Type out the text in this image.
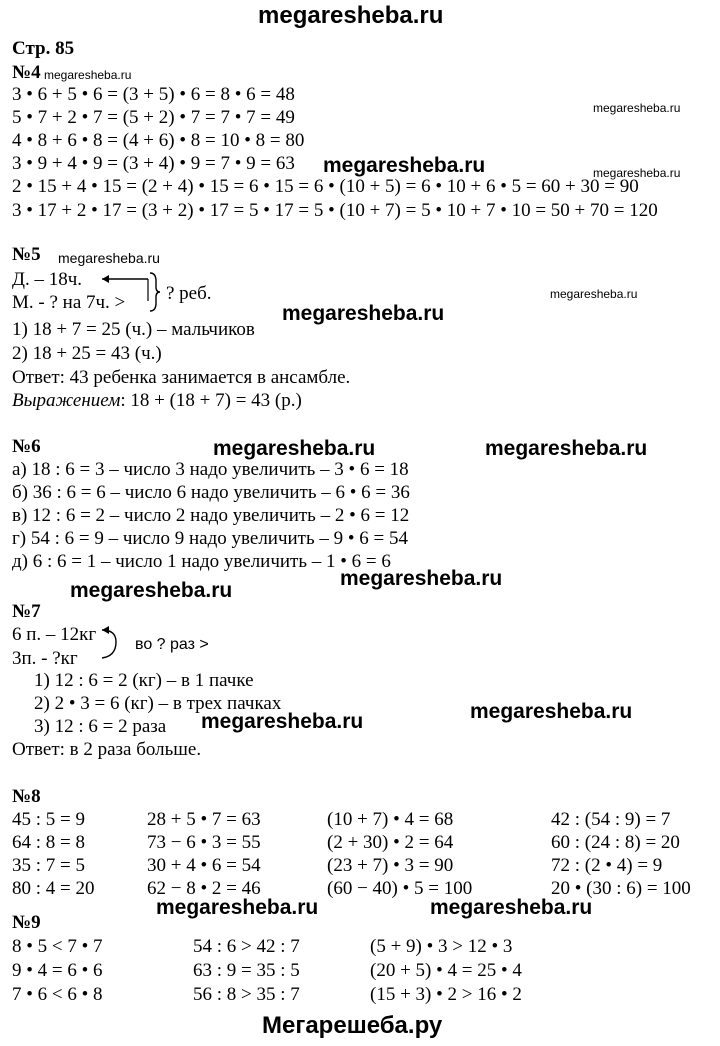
megaresheba.ru
Стр. 85
№4 megaresheba.ru
3 • 6 + 5 • 6 = (3 + 5) • 6 = 8 • 6 = 48
5 • 7 + 2 • 7 = (5 + 2) • 7 = 7 • 7 = 49
4 • 8 + 6 • 8 = (4 + 6) • 8 = 10 • 8 = 80
3 • 9 + 4 • 9 = (3 + 4) • 9 = 7 • 9 = 63
2 • 15 + 4 • 15 = (2 + 4) • 15 = 6 • 15 = 6 • (10 + 5) = 6 • 10 + 6 • 5 = 60 + 30 = 90
3 • 17 + 2 • 17 = (3 + 2) • 17 = 5 • 17 = 5 • (10 + 7) = 5 • 10 + 7 • 10 = 50 + 70 = 120
megaresheba.ru
megaresheba.ru	megaresheba.ru
№5 megaresheba.ru
Д. – 18ч.
М. - ? на 7ч. > ? реб.	megaresheba.ru
megaresheba.ru
1) 18 + 7 = 25 (ч.) – мальчиков
2) 18 + 25 = 43 (ч.)
Ответ: 43 ребенка занимается в ансамбле.
Выражением: 18 + (18 + 7) = 43 (р.)
№6	megaresheba.ru	megaresheba.ru
а) 18 : 6 = 3 – число 3 надо увеличить – 3 • 6 = 18
б) 36 : 6 = 6 – число 6 надо увеличить – 6 • 6 = 36
в) 12 : 6 = 2 – число 2 надо увеличить – 2 • 6 = 12
г) 54 : 6 = 9 – число 9 надо увеличить – 9 • 6 = 54
д) 6 : 6 = 1 – число 1 надо увеличить – 1 • 6 = 6
megaresheba.ru
megaresheba.ru
№7
6 п. – 12кг
3п. - ?кг
во ? раз >
1) 12 : 6 = 2 (кг) – в 1 пачке
2) 2 • 3 = 6 (кг) – в трех пачках
3) 12 : 6 = 2 раза megaresheba.ru	megaresheba.ru
Ответ: в 2 раза больше.
№8
45 : 5 = 9	28 + 5 • 7 = 63	(10 + 7) • 4 = 68	42 : (54 : 9) = 7
64 : 8 = 8	73 − 6 • 3 = 55	(2 + 30) • 2 = 64	60 : (24 : 8) = 20
35 : 7 = 5	30 + 4 • 6 = 54	(23 + 7) • 3 = 90	72 : (2 • 4) = 9
80 : 4 = 20	62 − 8 • 2 = 46	(60 − 40) • 5 = 100	20 • (30 : 6) = 100
megaresheba.ru	megaresheba.ru
№9
8 • 5 < 7 • 7	54 : 6 > 42 : 7	(5 + 9) • 3 > 12 • 3
9 • 4 = 6 • 6	63 : 9 = 35 : 5	(20 + 5) • 4 = 25 • 4
7 • 6 < 6 • 8	56 : 8 > 35 : 7	(15 + 3) • 2 > 16 • 2
Мегарешеба.ру
